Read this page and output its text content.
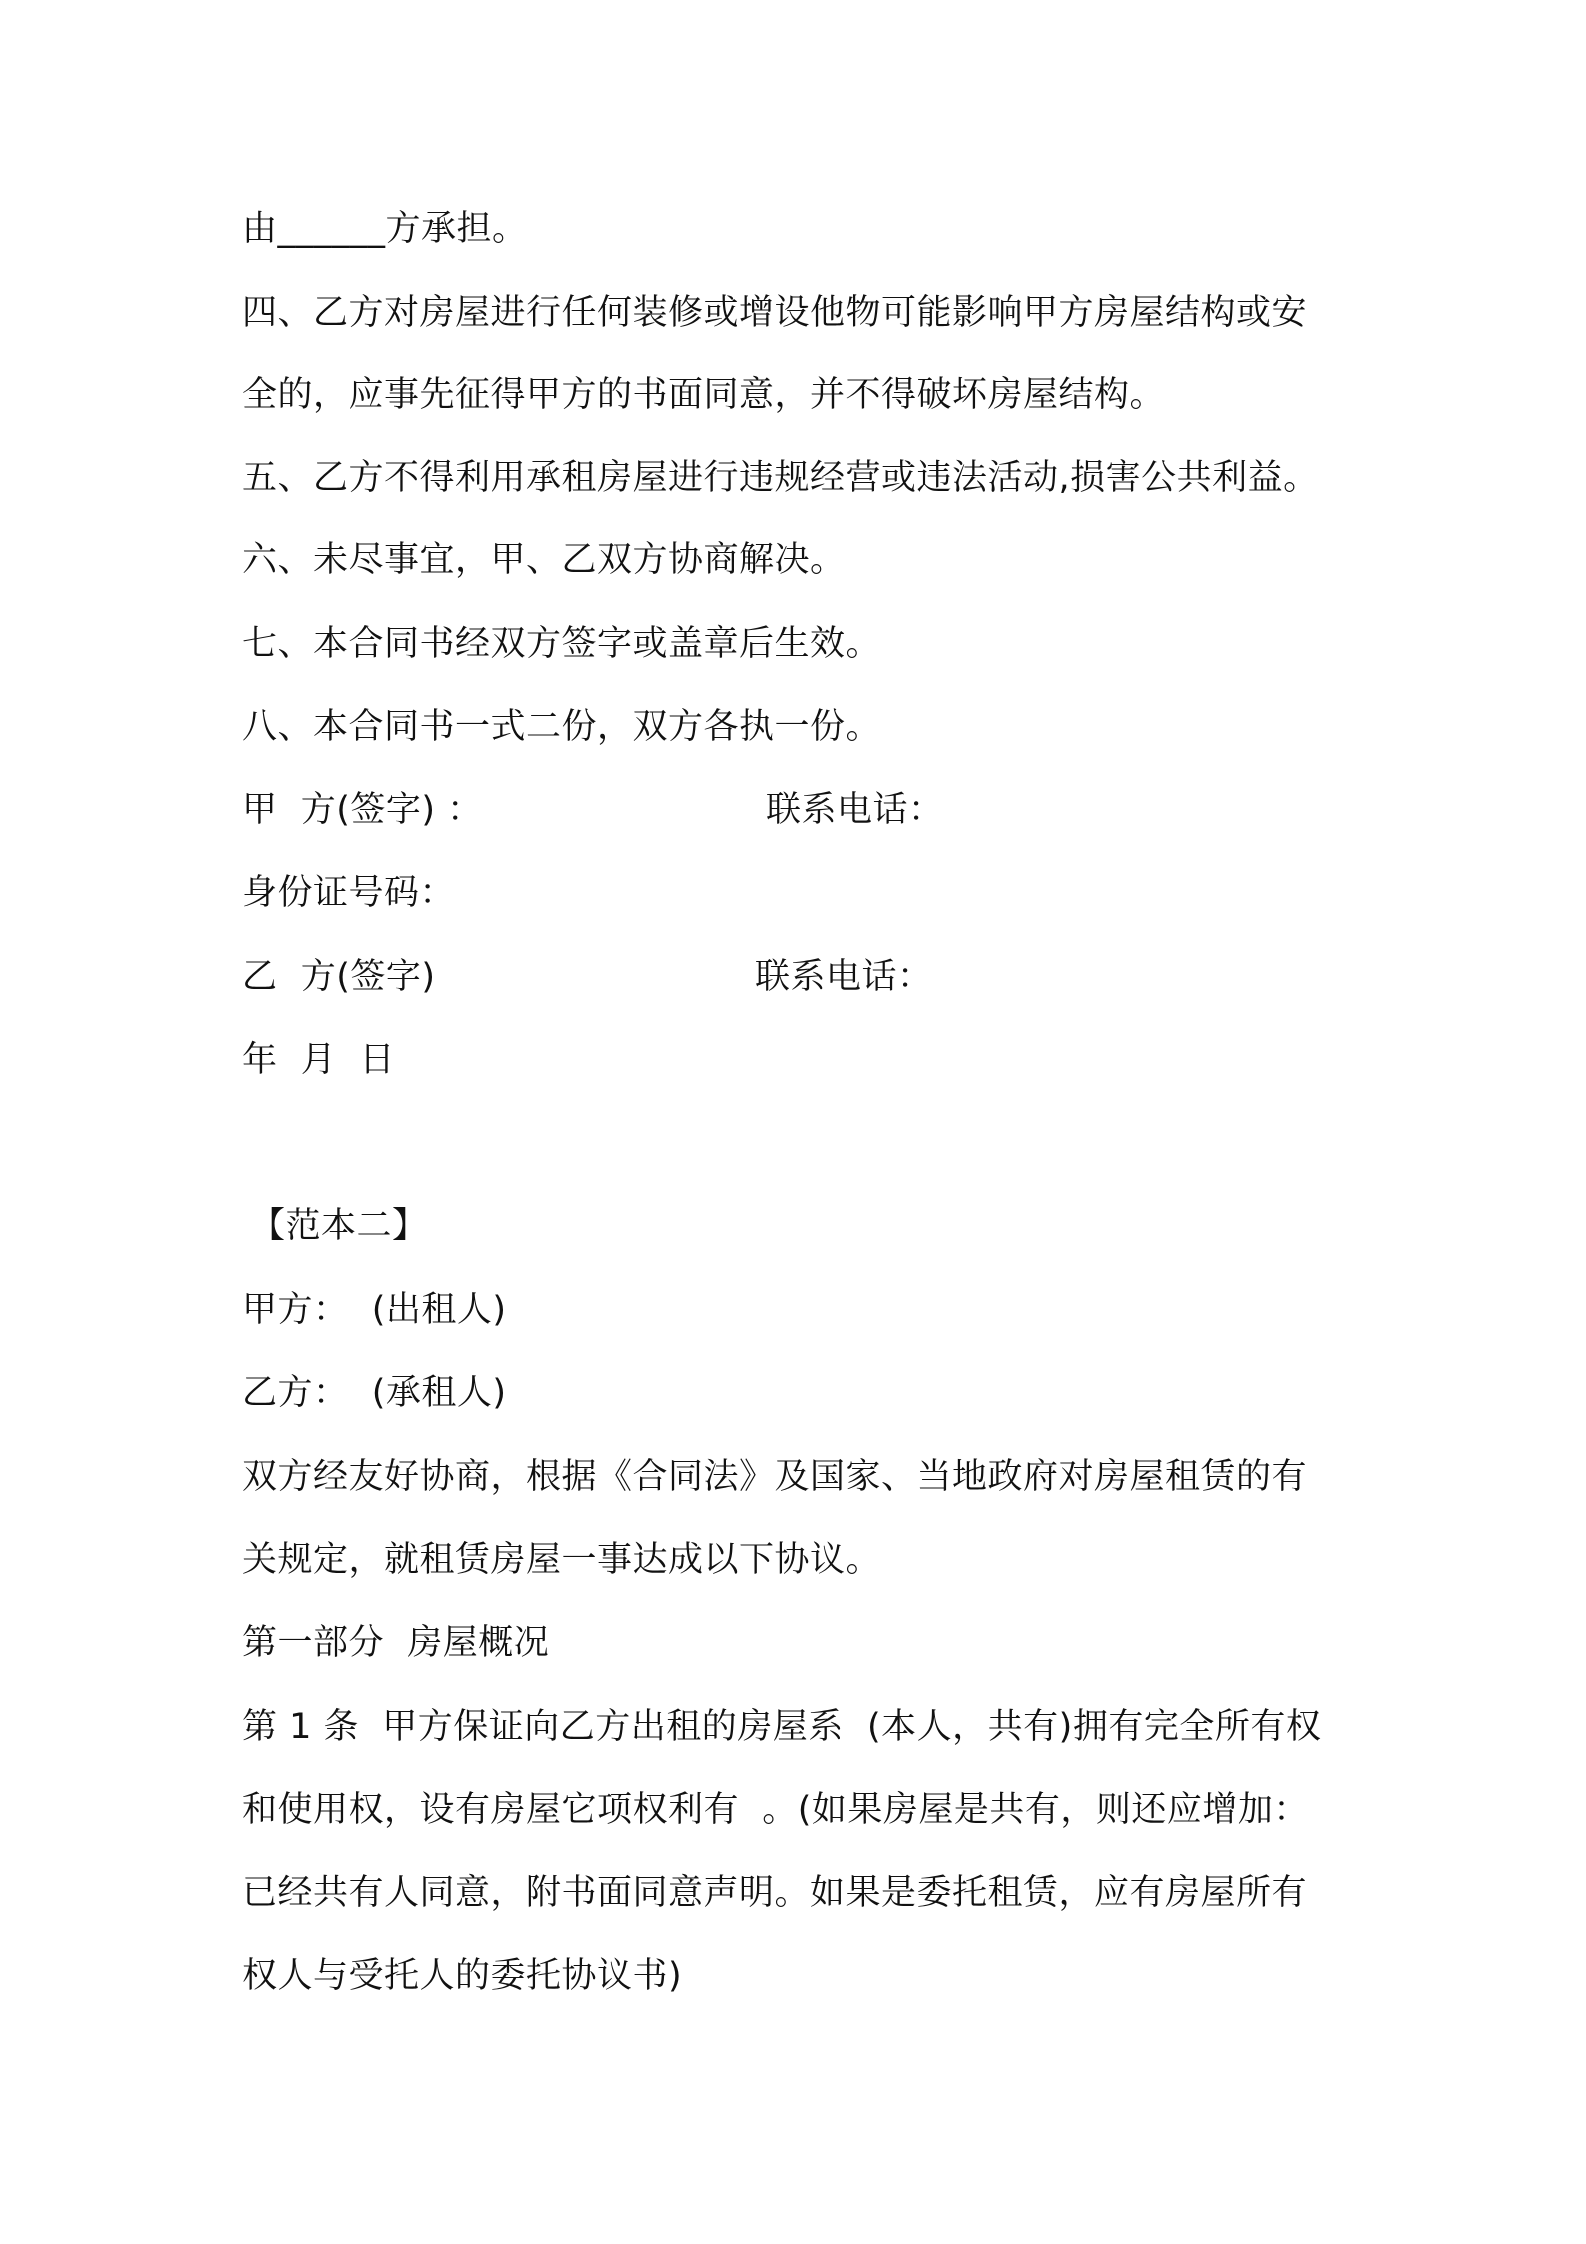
由______方承担。
四、乙方对房屋进行任何装修或增设他物可能影响甲方房屋结构或安
全的，应事先征得甲方的书面同意，并不得破坏房屋结构。
五、乙方不得利用承租房屋进行违规经营或违法活动,损害公共利益。
六、未尽事宜，甲、乙双方协商解决。
七、本合同书经双方签字或盖章后生效。
八、本合同书一式二份，双方各执一份。
甲  方(签字) ：	联系电话：
身份证号码：
乙  方(签字)	联系电话：
年  月  日
【范本二】
甲方：  (出租人)
乙方：  (承租人)
双方经友好协商，根据《合同法》及国家、当地政府对房屋租赁的有
关规定，就租赁房屋一事达成以下协议。
第一部分  房屋概况
第 1 条  甲方保证向乙方出租的房屋系  (本人，共有)拥有完全所有权
和使用权，设有房屋它项权利有  。(如果房屋是共有，则还应增加：
已经共有人同意，附书面同意声明。如果是委托租赁，应有房屋所有
权人与受托人的委托协议书)
